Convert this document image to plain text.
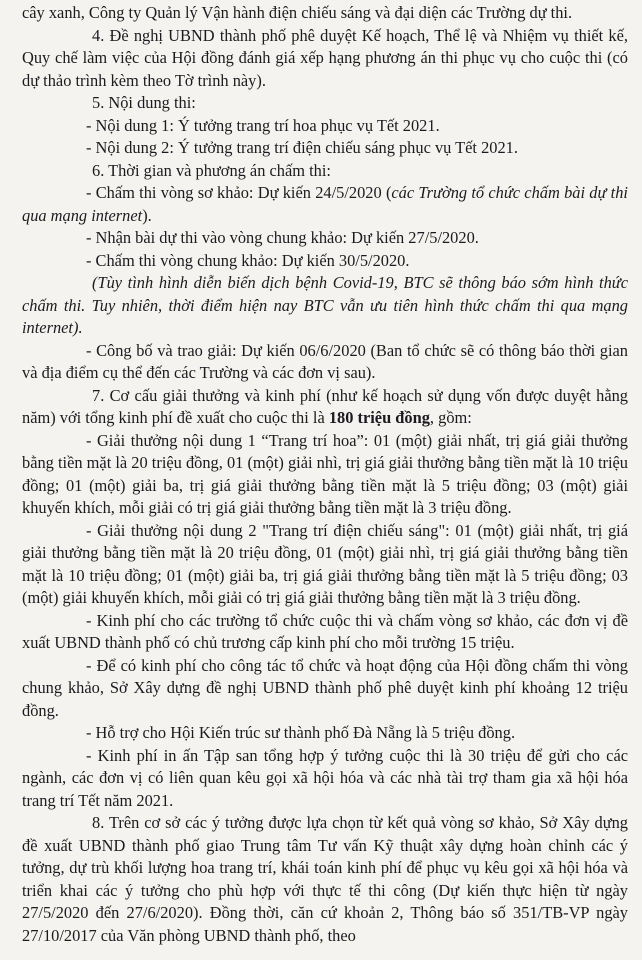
cây xanh, Công ty Quản lý Vận hành điện chiếu sáng và đại diện các Trường dự thi.

4. Đề nghị UBND thành phố phê duyệt Kế hoạch, Thể lệ và Nhiệm vụ thiết kế, Quy chế làm việc của Hội đồng đánh giá xếp hạng phương án thi phục vụ cho cuộc thi (có dự thảo trình kèm theo Tờ trình này).

5. Nội dung thi:

- Nội dung 1: Ý tưởng trang trí hoa phục vụ Tết 2021.

- Nội dung 2: Ý tưởng trang trí điện chiếu sáng phục vụ Tết 2021.

6. Thời gian và phương án chấm thi:

- Chấm thi vòng sơ khảo: Dự kiến 24/5/2020 (các Trường tổ chức chấm bài dự thi qua mạng internet).

- Nhận bài dự thi vào vòng chung khảo: Dự kiến 27/5/2020.

- Chấm thi vòng chung khảo: Dự kiến 30/5/2020.

(Tùy tình hình diễn biến dịch bệnh Covid-19, BTC sẽ thông báo sớm hình thức chấm thi. Tuy nhiên, thời điểm hiện nay BTC vẫn ưu tiên hình thức chấm thi qua mạng internet).

- Công bố và trao giải: Dự kiến 06/6/2020 (Ban tổ chức sẽ có thông báo thời gian và địa điểm cụ thể đến các Trường và các đơn vị sau).

7. Cơ cấu giải thưởng và kinh phí (như kế hoạch sử dụng vốn được duyệt hằng năm) với tổng kinh phí đề xuất cho cuộc thi là 180 triệu đồng, gồm:

- Giải thưởng nội dung 1 “Trang trí hoa”: 01 (một) giải nhất, trị giá giải thưởng bằng tiền mặt là 20 triệu đồng, 01 (một) giải nhì, trị giá giải thưởng bằng tiền mặt là 10 triệu đồng; 01 (một) giải ba, trị giá giải thưởng bằng tiền mặt là 5 triệu đồng; 03 (một) giải khuyến khích, mỗi giải có trị giá giải thưởng bằng tiền mặt là 3 triệu đồng.

- Giải thưởng nội dung 2 "Trang trí điện chiếu sáng": 01 (một) giải nhất, trị giá giải thưởng bằng tiền mặt là 20 triệu đồng, 01 (một) giải nhì, trị giá giải thưởng bằng tiền mặt là 10 triệu đồng; 01 (một) giải ba, trị giá giải thưởng bằng tiền mặt là 5 triệu đồng; 03 (một) giải khuyến khích, mỗi giải có trị giá giải thưởng bằng tiền mặt là 3 triệu đồng.

- Kinh phí cho các trường tổ chức cuộc thi và chấm vòng sơ khảo, các đơn vị đề xuất UBND thành phố có chủ trương cấp kinh phí cho mỗi trường 15 triệu.

- Để có kinh phí cho công tác tổ chức và hoạt động của Hội đồng chấm thi vòng chung khảo, Sở Xây dựng đề nghị UBND thành phố phê duyệt kinh phí khoảng 12 triệu đồng.

- Hỗ trợ cho Hội Kiến trúc sư thành phố Đà Nẵng là 5 triệu đồng.

- Kinh phí in ấn Tập san tổng hợp ý tưởng cuộc thi là 30 triệu để gửi cho các ngành, các đơn vị có liên quan kêu gọi xã hội hóa và các nhà tài trợ tham gia xã hội hóa trang trí Tết năm 2021.

8. Trên cơ sở các ý tưởng được lựa chọn từ kết quả vòng sơ khảo, Sở Xây dựng đề xuất UBND thành phố giao Trung tâm Tư vấn Kỹ thuật xây dựng hoàn chỉnh các ý tưởng, dự trù khối lượng hoa trang trí, khái toán kinh phí để phục vụ kêu gọi xã hội hóa và triển khai các ý tưởng cho phù hợp với thực tế thi công (Dự kiến thực hiện từ ngày 27/5/2020 đến 27/6/2020). Đồng thời, căn cứ khoản 2, Thông báo số 351/TB-VP ngày 27/10/2017 của Văn phòng UBND thành phố, theo
